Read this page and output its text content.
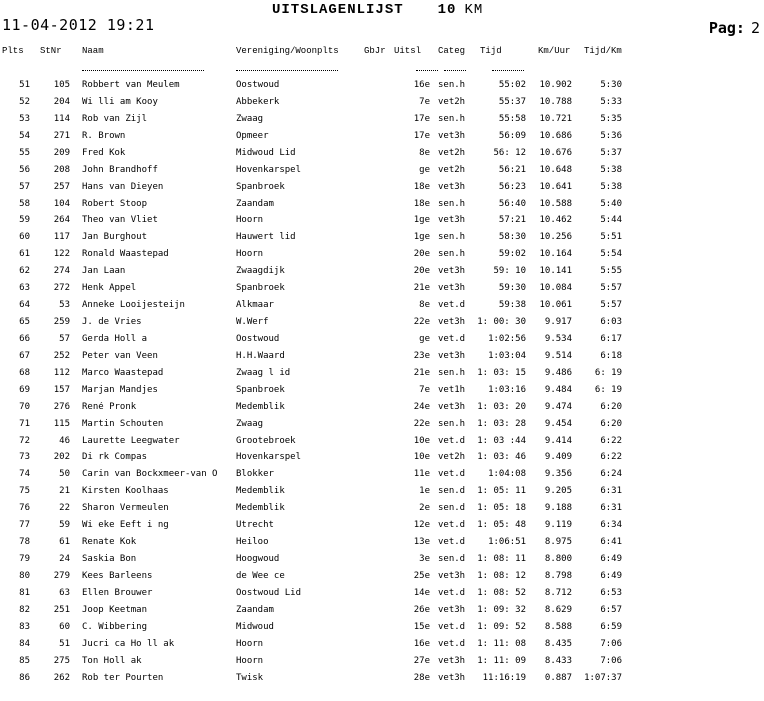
UITSLAGENLIJST 10 KM
11-04-2012 19:21	Pag: 2
Plts	StNr	Naam	Vereniging/Woonplts	GbJr Uitsl	Categ	Tijd	Km/Uur	Tijd/Km
51	105 Robbert van Meulem	Oostwoud	16e sen.h	55:02	10.902	5:30
52	204 Wi lli am Kooy	Abbekerk	7e vet2h	55:37	10.788	5:33
53	114 Rob van Zijl	Zwaag	17e sen.h	55:58	10.721	5:35
54	271 R. Brown	Opmeer	17e vet3h	56:09	10.686	5:36
55	209 Fred Kok	Midwoud Lid	8e vet2h	56: 12	10.676	5:37
56	208 John Brandhoff	Hovenkarspel	ge vet2h	56:21	10.648	5:38
57	257 Hans van Dieyen	Spanbroek	18e vet3h	56:23	10.641	5:38
58	104 Robert Stoop	Zaandam	18e sen.h	56:40	10.588	5:40
59	264 Theo van Vliet	Hoorn	1ge vet3h	57:21	10.462	5:44
60	117 Jan Burghout	Hauwert lid	1ge sen.h	58:30	10.256	5:51
61	122 Ronald Waastepad	Hoorn	20e sen.h	59:02	10.164	5:54
62	274 Jan Laan	Zwaagdijk	20e vet3h	59: 10	10.141	5:55
63	272 Henk Appel	Spanbroek	21e vet3h	59:30	10.084	5:57
64	53 Anneke Looijesteijn	Alkmaar	8e vet.d	59:38	10.061	5:57
65	259 J. de Vries	W.Werf	22e vet3h	1: 00: 30	9.917	6:03
66	57 Gerda Holl a	Oostwoud	ge vet.d	1:02:56	9.534	6:17
67	252 Peter van Veen	H.H.Waard	23e vet3h	1:03:04	9.514	6:18
68	112 Marco Waastepad	Zwaag l id	21e sen.h	1: 03: 15	9.486	6: 19
69	157 Marjan Mandjes	Spanbroek	7e vet1h	1:03:16	9.484	6: 19
70	276 René Pronk	Medemblik	24e vet3h	1: 03: 20	9.474	6:20
71	115 Martin Schouten	Zwaag	22e sen.h	1: 03: 28	9.454	6:20
72	46 Laurette Leegwater	Grootebroek	10e vet.d	1: 03 :44	9.414	6:22
73	202 Di rk Compas	Hovenkarspel	10e vet2h	1: 03: 46	9.409	6:22
74	50 Carin van Bockxmeer-van O	Blokker	11e vet.d	1:04:08	9.356	6:24
75	21 Kirsten Koolhaas	Medemblik	1e sen.d	1: 05: 11	9.205	6:31
76	22 Sharon Vermeulen	Medemblik	2e sen.d	1: 05: 18	9.188	6:31
77	59 Wi eke Eeft i ng	Utrecht	12e vet.d	1: 05: 48	9.119	6:34
78	61 Renate Kok	Heiloo	13e vet.d	1:06:51	8.975	6:41
79	24 Saskia Bon	Hoogwoud	3e sen.d	1: 08: 11	8.800	6:49
80	279 Kees Barleens	de Wee ce	25e vet3h	1: 08: 12	8.798	6:49
81	63 Ellen Brouwer	Oostwoud Lid	14e vet.d	1: 08: 52	8.712	6:53
82	251 Joop Keetman	Zaandam	26e vet3h	1: 09: 32	8.629	6:57
83	60 C. Wibbering	Midwoud	15e vet.d	1: 09: 52	8.588	6:59
84	51 Jucri ca Ho ll ak	Hoorn	16e vet.d	1: 11: 08	8.435	7:06
85	275 Ton Holl ak	Hoorn	27e vet3h	1: 11: 09	8.433	7:06
86	262 Rob ter Pourten	Twisk	28e vet3h	11:16:19	0.887	1:07:37
